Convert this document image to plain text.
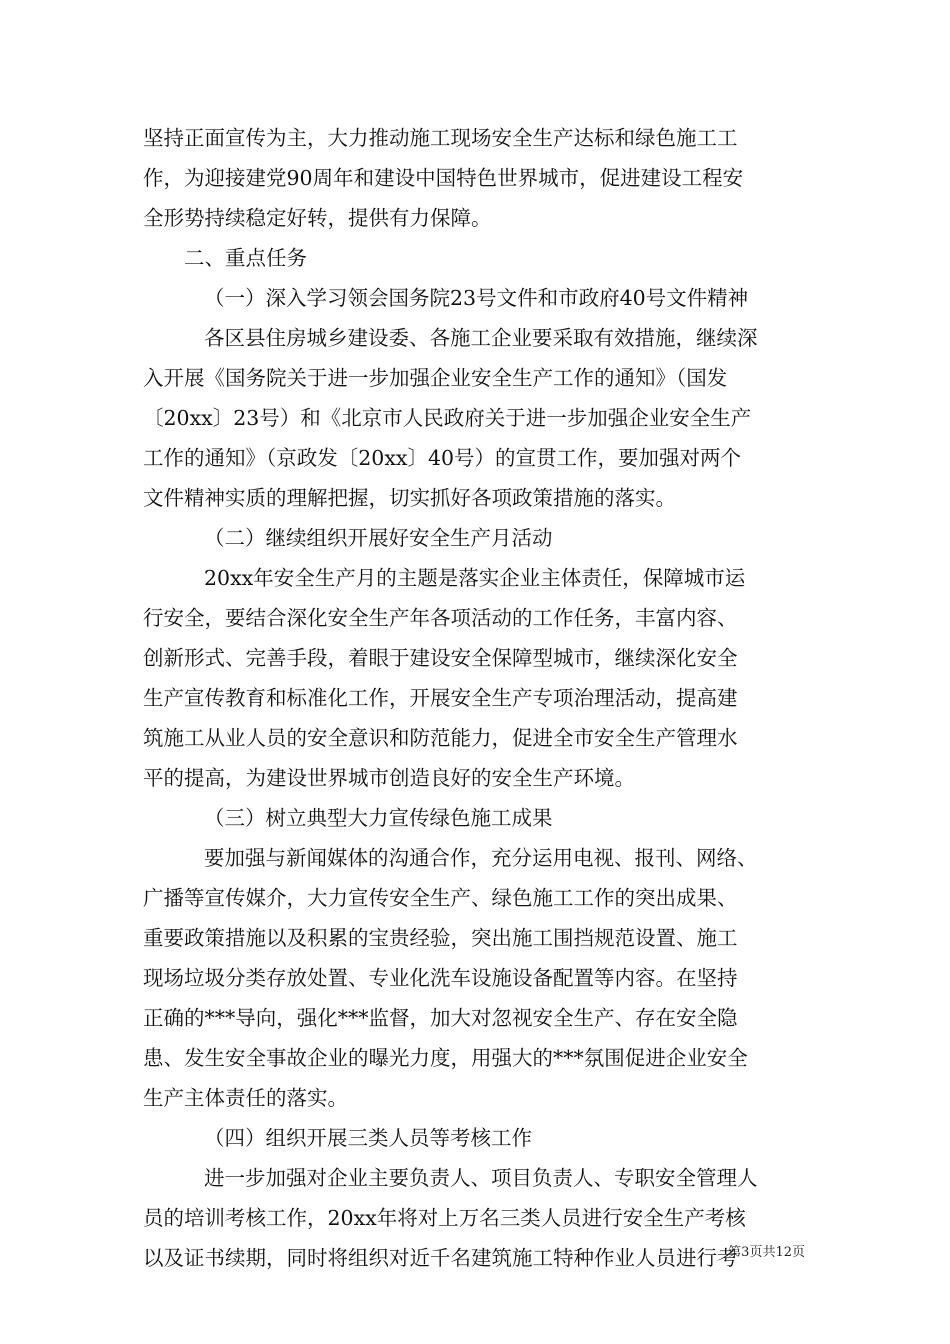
坚持正面宣传为主，大力推动施工现场安全生产达标和绿色施工工
作，为迎接建党90周年和建设中国特色世界城市，促进建设工程安
全形势持续稳定好转，提供有力保障。
二、重点任务
（一）深入学习领会国务院23号文件和市政府40号文件精神
各区县住房城乡建设委、各施工企业要采取有效措施，继续深
入开展《国务院关于进一步加强企业安全生产工作的通知》（国发
〔20xx〕23号）和《北京市人民政府关于进一步加强企业安全生产
工作的通知》（京政发〔20xx〕40号）的宣贯工作，要加强对两个
文件精神实质的理解把握，切实抓好各项政策措施的落实。
（二）继续组织开展好安全生产月活动
20xx年安全生产月的主题是落实企业主体责任，保障城市运
行安全，要结合深化安全生产年各项活动的工作任务，丰富内容、
创新形式、完善手段，着眼于建设安全保障型城市，继续深化安全
生产宣传教育和标准化工作，开展安全生产专项治理活动，提高建
筑施工从业人员的安全意识和防范能力，促进全市安全生产管理水
平的提高，为建设世界城市创造良好的安全生产环境。
（三）树立典型大力宣传绿色施工成果
要加强与新闻媒体的沟通合作，充分运用电视、报刊、网络、
广播等宣传媒介，大力宣传安全生产、绿色施工工作的突出成果、
重要政策措施以及积累的宝贵经验，突出施工围挡规范设置、施工
现场垃圾分类存放处置、专业化洗车设施设备配置等内容。在坚持
正确的***导向，强化***监督，加大对忽视安全生产、存在安全隐
患、发生安全事故企业的曝光力度，用强大的***氛围促进企业安全
生产主体责任的落实。
（四）组织开展三类人员等考核工作
进一步加强对企业主要负责人、项目负责人、专职安全管理人
员的培训考核工作，20xx年将对上万名三类人员进行安全生产考核
以及证书续期，同时将组织对近千名建筑施工特种作业人员进行考
第3页共12页
